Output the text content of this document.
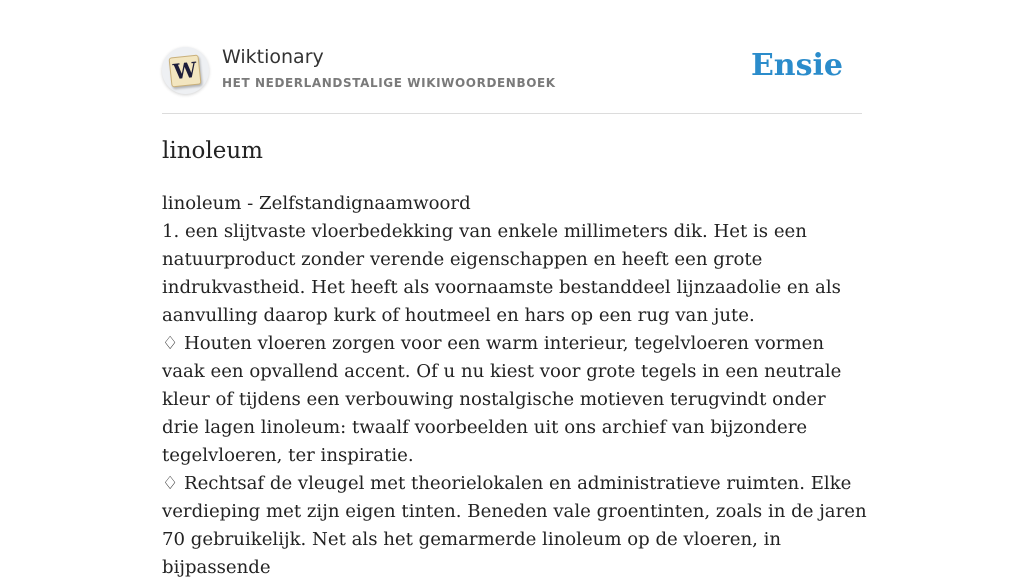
W Wiktionary
HET NEDERLANDSTALIGE WIKIWOORDENBOEK	Ensie
linoleum
linoleum - Zelfstandignaamwoord
1. een slijtvaste vloerbedekking van enkele millimeters dik. Het is een natuurproduct zonder verende eigenschappen en heeft een grote indrukvastheid. Het heeft als voornaamste bestanddeel lijnzaadolie en als aanvulling daarop kurk of houtmeel en hars op een rug van jute.
♢ Houten vloeren zorgen voor een warm interieur, tegelvloeren vormen vaak een opvallend accent. Of u nu kiest voor grote tegels in een neutrale kleur of tijdens een verbouwing nostalgische motieven terugvindt onder drie lagen linoleum: twaalf voorbeelden uit ons archief van bijzondere tegelvloeren, ter inspiratie.
♢ Rechtsaf de vleugel met theorielokalen en administratieve ruimten. Elke verdieping met zijn eigen tinten. Beneden vale groentinten, zoals in de jaren 70 gebruikelijk. Net als het gemarmerde linoleum op de vloeren, in bijpassende
